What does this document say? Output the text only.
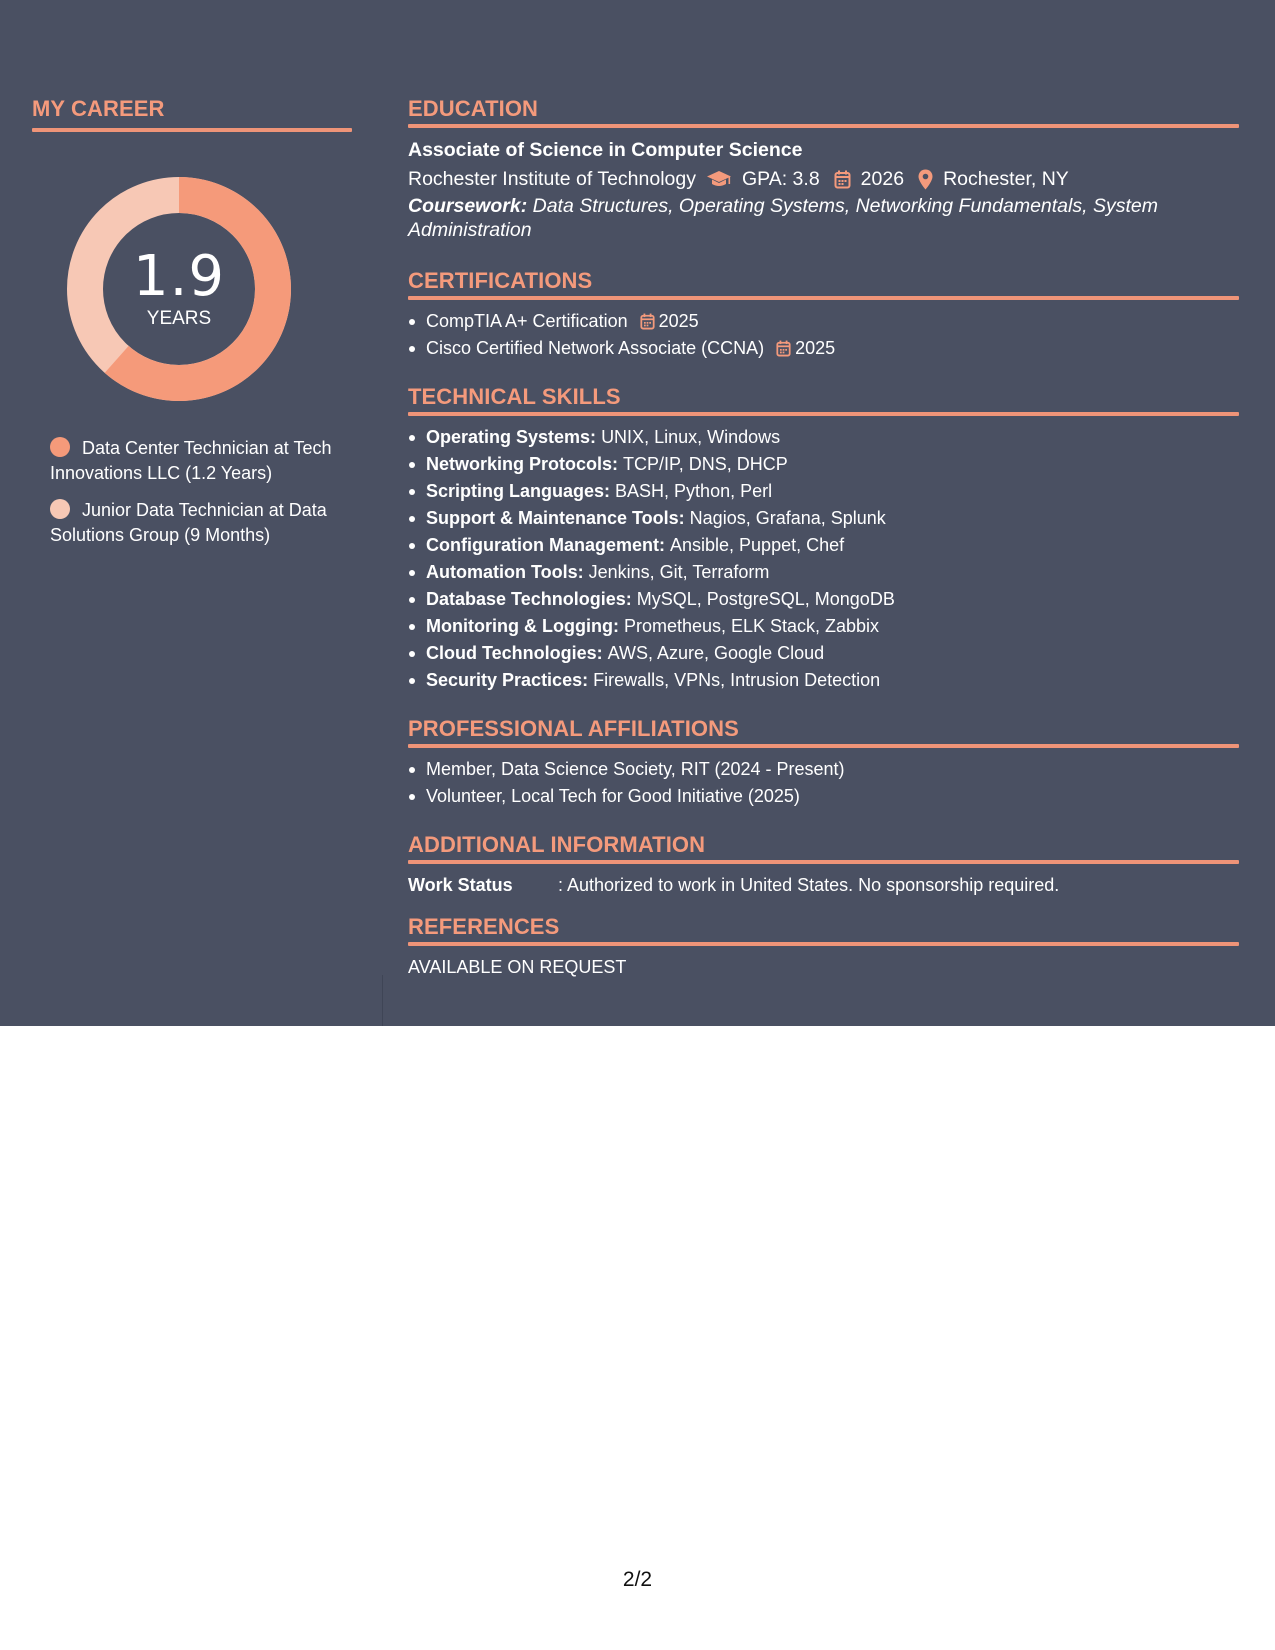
MY CAREER
1.9
YEARS
Data Center Technician at Tech Innovations LLC (1.2 Years)
Junior Data Technician at Data Solutions Group (9 Months)
EDUCATION
Associate of Science in Computer Science
Rochester Institute of Technology GPA: 3.8 2026 Rochester, NY
Coursework: Data Structures, Operating Systems, Networking Fundamentals, System Administration
CERTIFICATIONS
CompTIA A+ Certification 2025
Cisco Certified Network Associate (CCNA) 2025
TECHNICAL SKILLS
Operating Systems: UNIX, Linux, Windows
Networking Protocols: TCP/IP, DNS, DHCP
Scripting Languages: BASH, Python, Perl
Support & Maintenance Tools: Nagios, Grafana, Splunk
Configuration Management: Ansible, Puppet, Chef
Automation Tools: Jenkins, Git, Terraform
Database Technologies: MySQL, PostgreSQL, MongoDB
Monitoring & Logging: Prometheus, ELK Stack, Zabbix
Cloud Technologies: AWS, Azure, Google Cloud
Security Practices: Firewalls, VPNs, Intrusion Detection
PROFESSIONAL AFFILIATIONS
Member, Data Science Society, RIT (2024 - Present)
Volunteer, Local Tech for Good Initiative (2025)
ADDITIONAL INFORMATION
Work Status	: Authorized to work in United States. No sponsorship required.
REFERENCES
AVAILABLE ON REQUEST
2/2
